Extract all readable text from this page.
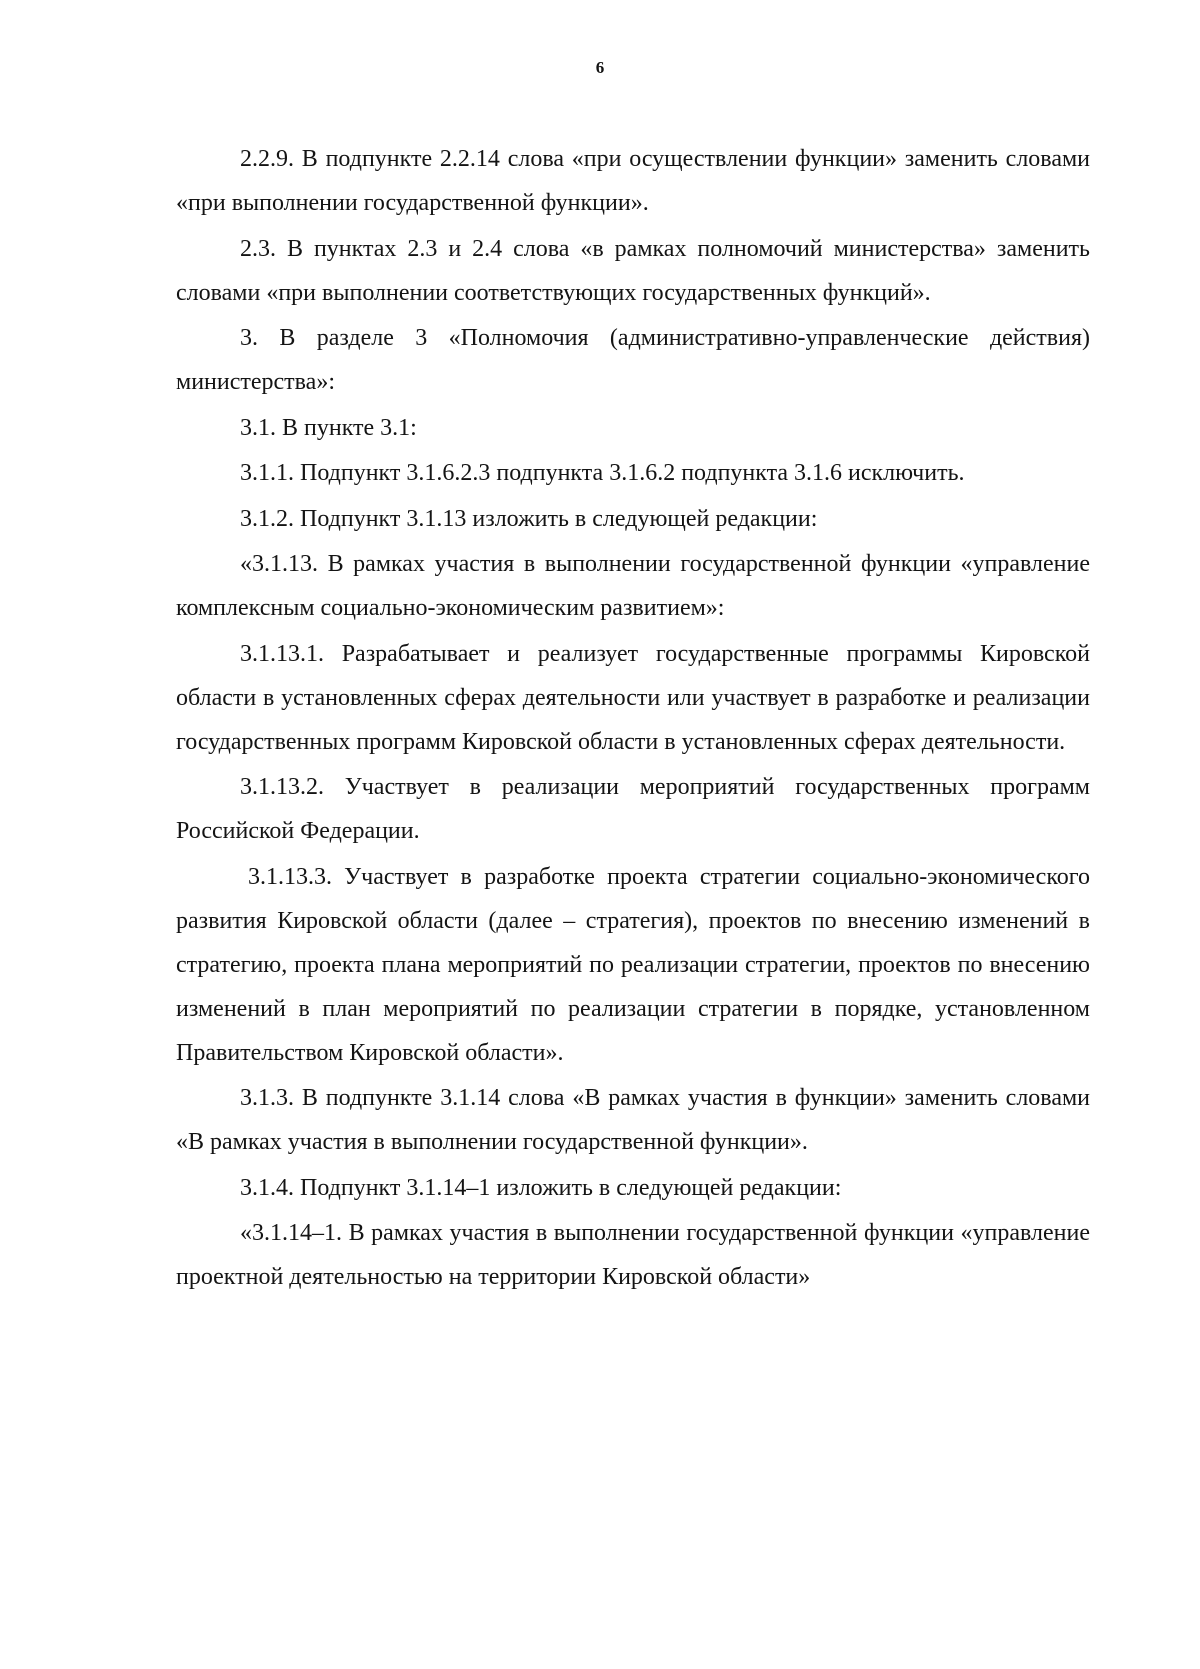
6

2.2.9. В подпункте 2.2.14 слова «при осуществлении функции» заменить словами «при выполнении государственной функции».

2.3. В пунктах 2.3 и 2.4 слова «в рамках полномочий министерства» заменить словами «при выполнении соответствующих государственных функций».

3. В разделе 3 «Полномочия (административно-управленческие действия) министерства»:

3.1. В пункте 3.1:

3.1.1. Подпункт 3.1.6.2.3 подпункта 3.1.6.2 подпункта 3.1.6 исключить.

3.1.2. Подпункт 3.1.13 изложить в следующей редакции:

«3.1.13. В рамках участия в выполнении государственной функции «управление комплексным социально-экономическим развитием»:

3.1.13.1. Разрабатывает и реализует государственные программы Кировской области в установленных сферах деятельности или участвует в разработке и реализации государственных программ Кировской области в установленных сферах деятельности.

3.1.13.2. Участвует в реализации мероприятий государственных программ Российской Федерации.

3.1.13.3. Участвует в разработке проекта стратегии социально-экономического развития Кировской области (далее – стратегия), проектов по внесению изменений в стратегию, проекта плана мероприятий по реализации стратегии, проектов по внесению изменений в план мероприятий по реализации стратегии в порядке, установленном Правительством Кировской области».

3.1.3. В подпункте 3.1.14 слова «В рамках участия в функции» заменить словами «В рамках участия в выполнении государственной функции».

3.1.4. Подпункт 3.1.14–1 изложить в следующей редакции:

«3.1.14–1. В рамках участия в выполнении государственной функции «управление проектной деятельностью на территории Кировской области»
